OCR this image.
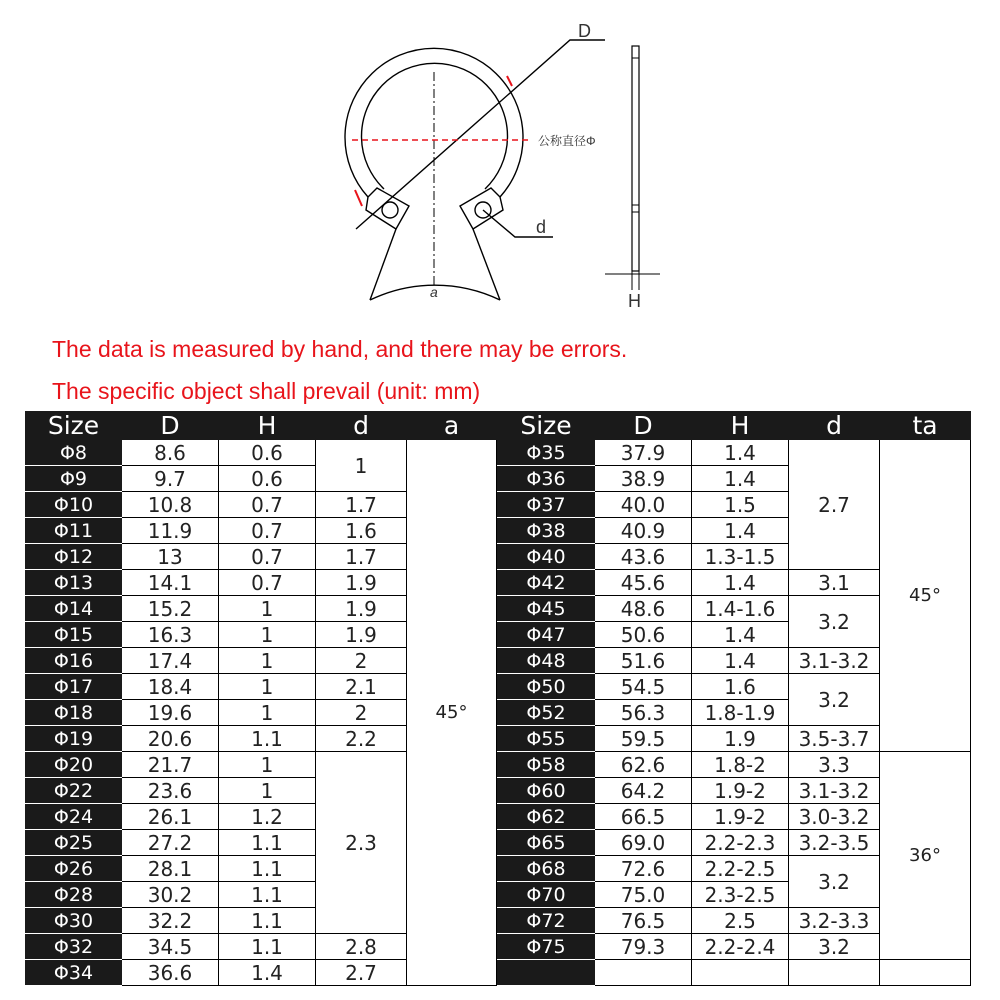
D
公称直径Φ
d
a	H
The data is measured by hand, and there may be errors.
The specific object shall prevail (unit: mm)
Size	D	H	d	a
Φ8	8.6	0.6	1	45°
Φ9	9.7	0.6		
Φ10	10.8	0.7	1.7	
Φ11	11.9	0.7	1.6	
Φ12	13	0.7	1.7	
Φ13	14.1	0.7	1.9	
Φ14	15.2	1	1.9	
Φ15	16.3	1	1.9	
Φ16	17.4	1	2	
Φ17	18.4	1	2.1	
Φ18	19.6	1	2	
Φ19	20.6	1.1	2.2	
Φ20	21.7	1	2.3	
Φ22	23.6	1		
Φ24	26.1	1.2		
Φ25	27.2	1.1		
Φ26	28.1	1.1		
Φ28	30.2	1.1		
Φ30	32.2	1.1		
Φ32	34.5	1.1	2.8	
Φ34	36.6	1.4	2.7	
Size	D	H	d	ta
Φ35	37.9	1.4	2.7	45°
Φ36	38.9	1.4		
Φ37	40.0	1.5		
Φ38	40.9	1.4		
Φ40	43.6	1.3-1.5		
Φ42	45.6	1.4	3.1	
Φ45	48.6	1.4-1.6	3.2	
Φ47	50.6	1.4		
Φ48	51.6	1.4	3.1-3.2	
Φ50	54.5	1.6	3.2	
Φ52	56.3	1.8-1.9		
Φ55	59.5	1.9	3.5-3.7	
Φ58	62.6	1.8-2	3.3	36°
Φ60	64.2	1.9-2	3.1-3.2	
Φ62	66.5	1.9-2	3.0-3.2	
Φ65	69.0	2.2-2.3	3.2-3.5	
Φ68	72.6	2.2-2.5	3.2	
Φ70	75.0	2.3-2.5		
Φ72	76.5	2.5	3.2-3.3	
Φ75	79.3	2.2-2.4	3.2	
